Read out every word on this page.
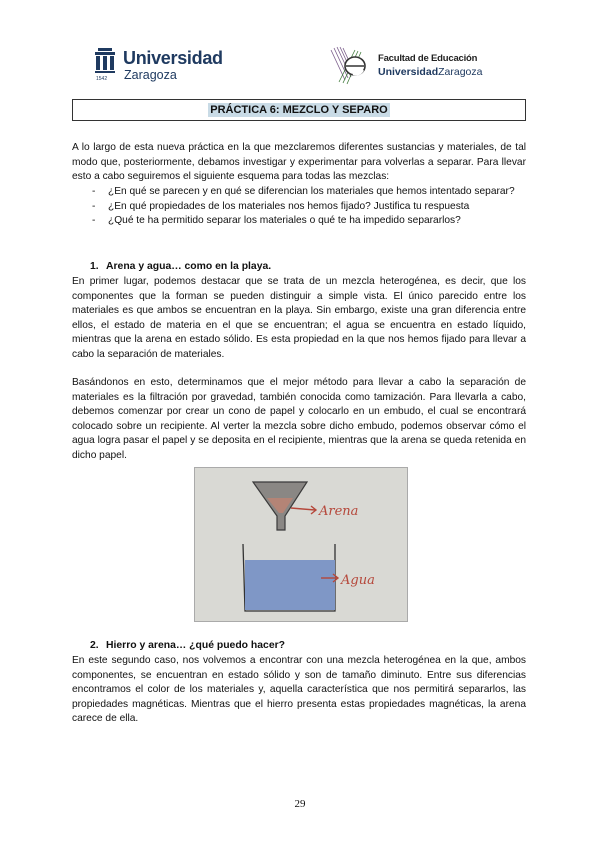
1542
Universidad
Zaragoza
Facultad de Educación
UniversidadZaragoza
PRÁCTICA 6: MEZCLO Y SEPARO

A lo largo de esta nueva práctica en la que mezclaremos diferentes sustancias y materiales, de tal modo que, posteriormente, debamos investigar y experimentar para volverlas a separar. Para llevar esto a cabo seguiremos el siguiente esquema para todas las mezclas:

- ¿En qué se parecen y en qué se diferencian los materiales que hemos intentado separar?
- ¿En qué propiedades de los materiales nos hemos fijado? Justifica tu respuesta
- ¿Qué te ha permitido separar los materiales o qué te ha impedido separarlos?
1. Arena y agua… como en la playa.

En primer lugar, podemos destacar que se trata de un mezcla heterogénea, es decir, que los componentes que la forman se pueden distinguir a simple vista. El único parecido entre los materiales es que ambos se encuentran en la playa. Sin embargo, existe una gran diferencia entre ellos, el estado de materia en el que se encuentran; el agua se encuentra en estado líquido, mientras que la arena en estado sólido. Es esta propiedad en la que nos hemos fijado para llevar a cabo la separación de materiales.

Basándonos en esto, determinamos que el mejor método para llevar a cabo la separación de materiales es la filtración por gravedad, también conocida como tamización. Para llevarla a cabo, debemos comenzar por crear un cono de papel y colocarlo en un embudo, el cual se encontrará colocado sobre un recipiente. Al verter la mezcla sobre dicho embudo, podemos observar cómo el agua logra pasar el papel y se deposita en el recipiente, mientras que la arena se queda retenida en dicho papel.

Arena
Agua
2. Hierro y arena… ¿qué puedo hacer?

En este segundo caso, nos volvemos a encontrar con una mezcla heterogénea en la que, ambos componentes, se encuentran en estado sólido y son de tamaño diminuto. Entre sus diferencias encontramos el color de los materiales y, aquella característica que nos permitirá separarlos, las propiedades magnéticas. Mientras que el hierro presenta estas propiedades magnéticas, la arena carece de ella.

29
